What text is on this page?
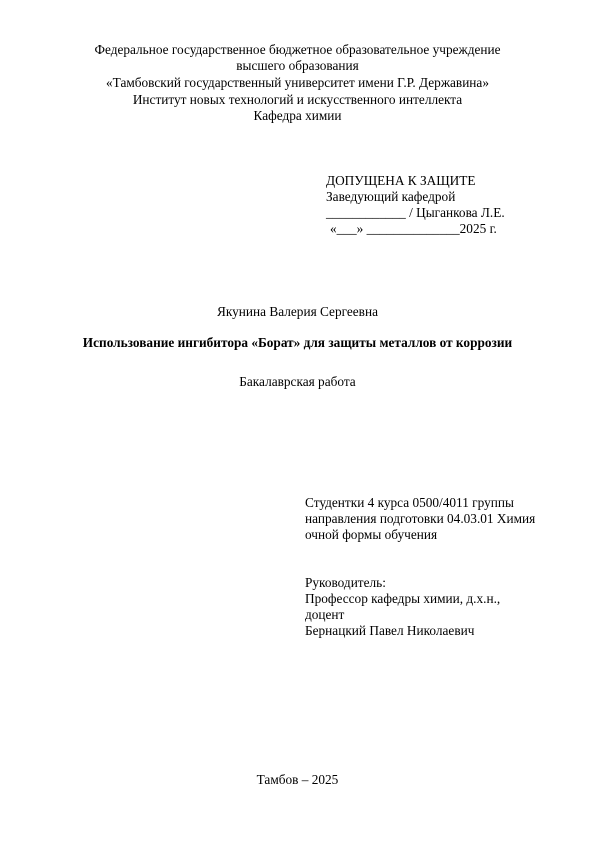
Федеральное государственное бюджетное образовательное учреждение
высшего образования
«Тамбовский государственный университет имени Г.Р. Державина»
Институт новых технологий и искусственного интеллекта
Кафедра химии
ДОПУЩЕНА К ЗАЩИТЕ
Заведующий кафедрой
____________ / Цыганкова Л.Е.
«___» ______________2025 г.
Якунина Валерия Сергеевна
Использование ингибитора «Борат» для защиты металлов от коррозии
Бакалаврская работа
Студентки 4 курса 0500/4011 группы
направления подготовки 04.03.01 Химия
очной формы обучения
Руководитель:
Профессор кафедры химии, д.х.н.,
доцент
Бернацкий Павел Николаевич
Тамбов – 2025
